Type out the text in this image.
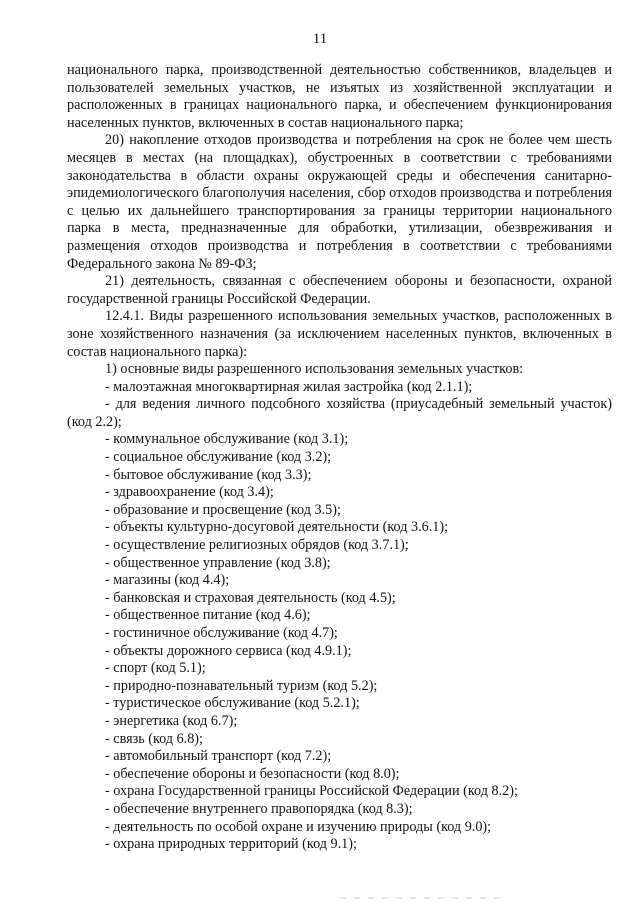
11

национального парка, производственной деятельностью собственников, владельцев и пользователей земельных участков, не изъятых из хозяйственной эксплуатации и расположенных в границах национального парка, и обеспечением функционирования населенных пунктов, включенных в состав национального парка;

20) накопление отходов производства и потребления на срок не более чем шесть месяцев в местах (на площадках), обустроенных в соответствии с требованиями законодательства в области охраны окружающей среды и обеспечения санитарно-эпидемиологического благополучия населения, сбор отходов производства и потребления с целью их дальнейшего транспортирования за границы территории национального парка в места, предназначенные для обработки, утилизации, обезвреживания и размещения отходов производства и потребления в соответствии с требованиями Федерального закона № 89-ФЗ;

21) деятельность, связанная с обеспечением обороны и безопасности, охраной государственной границы Российской Федерации.

12.4.1. Виды разрешенного использования земельных участков, расположенных в зоне хозяйственного назначения (за исключением населенных пунктов, включенных в состав национального парка):

1) основные виды разрешенного использования земельных участков:

- малоэтажная многоквартирная жилая застройка (код 2.1.1);

- для ведения личного подсобного хозяйства (приусадебный земельный участок) (код 2.2);

- коммунальное обслуживание (код 3.1);

- социальное обслуживание (код 3.2);

- бытовое обслуживание (код 3.3);

- здравоохранение (код 3.4);

- образование и просвещение (код 3.5);

- объекты культурно-досуговой деятельности (код 3.6.1);

- осуществление религиозных обрядов (код 3.7.1);

- общественное управление (код 3.8);

- магазины (код 4.4);

- банковская и страховая деятельность (код 4.5);

- общественное питание (код 4.6);

- гостиничное обслуживание (код 4.7);

- объекты дорожного сервиса (код 4.9.1);

- спорт (код 5.1);

- природно-познавательный туризм (код 5.2);

- туристическое обслуживание (код 5.2.1);

- энергетика (код 6.7);

- связь (код 6.8);

- автомобильный транспорт (код 7.2);

- обеспечение обороны и безопасности (код 8.0);

- охрана Государственной границы Российской Федерации (код 8.2);

- обеспечение внутреннего правопорядка (код 8.3);

- деятельность по особой охране и изучению природы (код 9.0);

- охрана природных территорий (код 9.1);
